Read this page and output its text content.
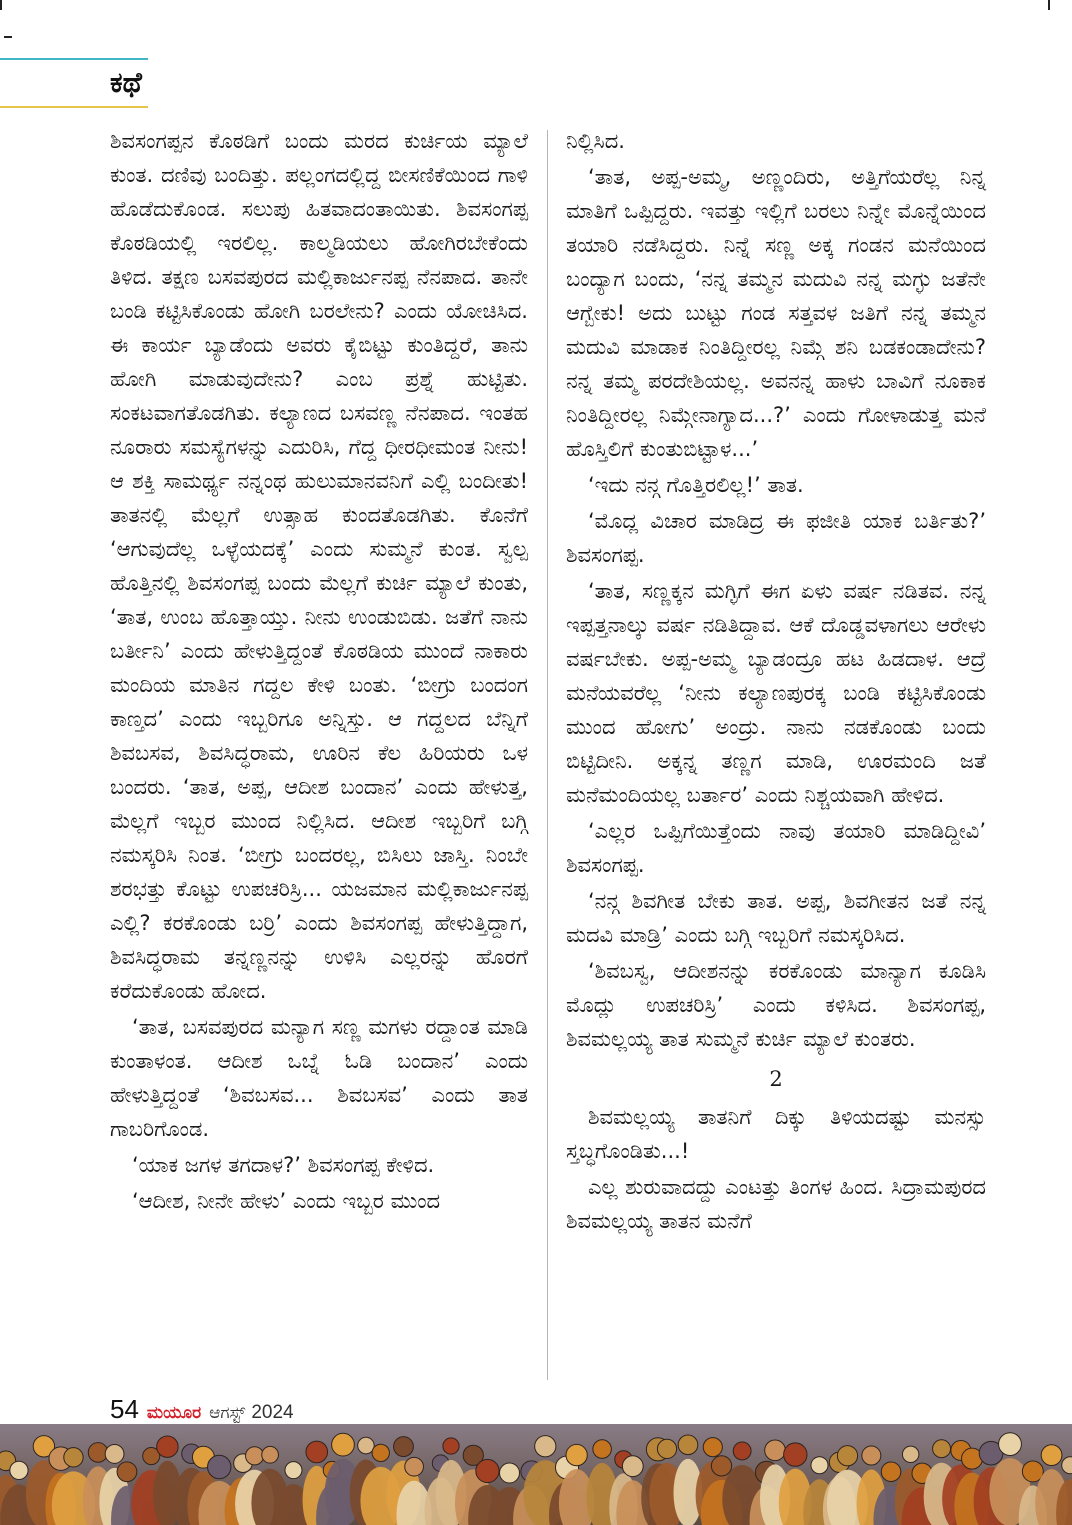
ಕಥೆ

ಶಿವಸಂಗಪ್ಪನ ಕೊಠಡಿಗೆ ಬಂದು ಮರದ ಕುರ್ಚಿಯ ಮ್ಯಾಲೆ ಕುಂತ. ದಣಿವು ಬಂದಿತ್ತು. ಪಲ್ಲಂಗದಲ್ಲಿದ್ದ ಬೀಸಣಿಕೆಯಿಂದ ಗಾಳಿ ಹೊಡೆದುಕೊಂಡ. ಸಲುಪು ಹಿತವಾದಂತಾಯಿತು. ಶಿವಸಂಗಪ್ಪ ಕೊಠಡಿಯಲ್ಲಿ ಇರಲಿಲ್ಲ. ಕಾಲ್ಮಡಿಯಲು ಹೋಗಿರಬೇಕೆಂದು ತಿಳಿದ. ತಕ್ಷಣ ಬಸವಪುರದ ಮಲ್ಲಿಕಾರ್ಜುನಪ್ಪ ನೆನಪಾದ. ತಾನೇ ಬಂಡಿ ಕಟ್ಟಿಸಿಕೊಂಡು ಹೋಗಿ ಬರಲೇನು? ಎಂದು ಯೋಚಿಸಿದ. ಈ ಕಾರ್ಯ ಬ್ಯಾಡೆಂದು ಅವರು ಕೈಬಿಟ್ಟು ಕುಂತಿದ್ದರೆ, ತಾನು ಹೋಗಿ ಮಾಡುವುದೇನು? ಎಂಬ ಪ್ರಶ್ನೆ ಹುಟ್ಟಿತು. ಸಂಕಟವಾಗತೊಡಗಿತು. ಕಲ್ಯಾಣದ ಬಸವಣ್ಣ ನೆನಪಾದ. ಇಂತಹ ನೂರಾರು ಸಮಸ್ಯೆಗಳನ್ನು ಎದುರಿಸಿ, ಗೆದ್ದ ಧೀರಧೀಮಂತ ನೀನು! ಆ ಶಕ್ತಿ ಸಾಮರ್ಥ್ಯ ನನ್ನಂಥ ಹುಲುಮಾನವನಿಗೆ ಎಲ್ಲಿ ಬಂದೀತು! ತಾತನಲ್ಲಿ ಮೆಲ್ಲಗೆ ಉತ್ಸಾಹ ಕುಂದತೊಡಗಿತು. ಕೊನೆಗೆ ‘ಆಗುವುದೆಲ್ಲ ಒಳ್ಳೆಯದಕ್ಕೆ’ ಎಂದು ಸುಮ್ಮನೆ ಕುಂತ. ಸ್ವಲ್ಪ ಹೊತ್ತಿನಲ್ಲಿ ಶಿವಸಂಗಪ್ಪ ಬಂದು ಮೆಲ್ಲಗೆ ಕುರ್ಚಿ ಮ್ಯಾಲೆ ಕುಂತು, ‘ತಾತ, ಉಂಬ ಹೊತ್ತಾಯ್ತು. ನೀನು ಉಂಡುಬಿಡು. ಜತೆಗೆ ನಾನು ಬರ್ತೀನಿ’ ಎಂದು ಹೇಳುತ್ತಿದ್ದಂತೆ ಕೊಠಡಿಯ ಮುಂದೆ ನಾಕಾರು ಮಂದಿಯ ಮಾತಿನ ಗದ್ದಲ ಕೇಳಿ ಬಂತು. ‘ಬೀಗ್ರು ಬಂದಂಗ ಕಾಣ್ತದ’ ಎಂದು ಇಬ್ಬರಿಗೂ ಅನ್ನಿಸ್ತು. ಆ ಗದ್ದಲದ ಬೆನ್ನಿಗೆ ಶಿವಬಸವ, ಶಿವಸಿದ್ಧರಾಮ, ಊರಿನ ಕೆಲ ಹಿರಿಯರು ಒಳ ಬಂದರು. ‘ತಾತ, ಅಪ್ಪ, ಆದೀಶ ಬಂದಾನ’ ಎಂದು ಹೇಳುತ್ತ, ಮೆಲ್ಲಗೆ ಇಬ್ಬರ ಮುಂದ ನಿಲ್ಲಿಸಿದ. ಆದೀಶ ಇಬ್ಬರಿಗೆ ಬಗ್ಗಿ ನಮಸ್ಕರಿಸಿ ನಿಂತ. ‘ಬೀಗ್ರು ಬಂದರಲ್ಲ, ಬಿಸಿಲು ಜಾಸ್ತಿ. ನಿಂಬೇ ಶರಭತ್ತು ಕೊಟ್ಟು ಉಪಚರಿಸ್ರಿ... ಯಜಮಾನ ಮಲ್ಲಿಕಾರ್ಜುನಪ್ಪ ಎಲ್ಲಿ? ಕರಕೊಂಡು ಬರ್ರಿ’ ಎಂದು ಶಿವಸಂಗಪ್ಪ ಹೇಳುತ್ತಿದ್ದಾಗ, ಶಿವಸಿದ್ಧರಾಮ ತನ್ನಣ್ಣನನ್ನು ಉಳಿಸಿ ಎಲ್ಲರನ್ನು ಹೊರಗೆ ಕರೆದುಕೊಂಡು ಹೋದ.

‘ತಾತ, ಬಸವಪುರದ ಮನ್ಯಾಗ ಸಣ್ಣ ಮಗಳು ರದ್ದಾಂತ ಮಾಡಿ ಕುಂತಾಳಂತ. ಆದೀಶ ಒಬ್ನೆ ಓಡಿ ಬಂದಾನ’ ಎಂದು ಹೇಳುತ್ತಿದ್ದಂತೆ ‘ಶಿವಬಸವ... ಶಿವಬಸವ’ ಎಂದು ತಾತ ಗಾಬರಿಗೊಂಡ.

‘ಯಾಕ ಜಗಳ ತಗದಾಳ?’ ಶಿವಸಂಗಪ್ಪ ಕೇಳಿದ.

‘ಆದೀಶ, ನೀನೇ ಹೇಳು’ ಎಂದು ಇಬ್ಬರ ಮುಂದ

ನಿಲ್ಲಿಸಿದ.

‘ತಾತ, ಅಪ್ಪ-ಅಮ್ಮ, ಅಣ್ಣಂದಿರು, ಅತ್ತಿಗೆಯರೆಲ್ಲ ನಿನ್ನ ಮಾತಿಗೆ ಒಪ್ಪಿದ್ದರು. ಇವತ್ತು ಇಲ್ಲಿಗೆ ಬರಲು ನಿನ್ನೇ ಮೊನ್ನೆಯಿಂದ ತಯಾರಿ ನಡೆಸಿದ್ದರು. ನಿನ್ನೆ ಸಣ್ಣ ಅಕ್ಕ ಗಂಡನ ಮನೆಯಿಂದ ಬಂದ್ಯಾಗ ಬಂದು, ‘ನನ್ನ ತಮ್ಮನ ಮದುವಿ ನನ್ನ ಮಗ್ಳು ಜತೆನೇ ಆಗ್ಬೇಕು! ಅದು ಬುಟ್ಟು ಗಂಡ ಸತ್ತವಳ ಜತಿಗೆ ನನ್ನ ತಮ್ಮನ ಮದುವಿ ಮಾಡಾಕ ನಿಂತಿದ್ದೀರಲ್ಲ ನಿಮ್ಗೆ ಶನಿ ಬಡಕಂಡಾದೇನು? ನನ್ನ ತಮ್ಮ ಪರದೇಶಿಯಲ್ಲ. ಅವನನ್ನ ಹಾಳು ಬಾವಿಗೆ ನೂಕಾಕ ನಿಂತಿದ್ದೀರಲ್ಲ ನಿಮ್ಗೇನಾಗ್ಯಾದ...?’ ಎಂದು ಗೋಳಾಡುತ್ತ ಮನೆ ಹೊಸ್ತಿಲಿಗೆ ಕುಂತುಬಿಟ್ಟಾಳ...’

‘ಇದು ನನ್ಗ ಗೊತ್ತಿರಲಿಲ್ಲ!’ ತಾತ.

‘ಮೊದ್ಲ ವಿಚಾರ ಮಾಡಿದ್ರ ಈ ಫಜೀತಿ ಯಾಕ ಬರ್ತಿತು?’ ಶಿವಸಂಗಪ್ಪ.

‘ತಾತ, ಸಣ್ಣಕ್ಕನ ಮಗ್ಳಿಗೆ ಈಗ ಏಳು ವರ್ಷ ನಡಿತವ. ನನ್ನ ಇಪ್ಪತ್ತನಾಲ್ಕು ವರ್ಷ ನಡಿತಿದ್ದಾವ. ಆಕೆ ದೊಡ್ಡವಳಾಗಲು ಆರೇಳು ವರ್ಷಬೇಕು. ಅಪ್ಪ-ಅಮ್ಮ ಬ್ಯಾಡಂದ್ರೂ ಹಟ ಹಿಡದಾಳ. ಆದ್ರೆ ಮನೆಯವರೆಲ್ಲ ‘ನೀನು ಕಲ್ಯಾಣಪುರಕ್ಕ ಬಂಡಿ ಕಟ್ಟಿಸಿಕೊಂಡು ಮುಂದ ಹೋಗು’ ಅಂದ್ರು. ನಾನು ನಡಕೊಂಡು ಬಂದು ಬಿಟ್ಟಿದೀನಿ. ಅಕ್ಕನ್ನ ತಣ್ಣಗ ಮಾಡಿ, ಊರಮಂದಿ ಜತೆ ಮನೆಮಂದಿಯಲ್ಲ ಬರ್ತಾರ’ ಎಂದು ನಿಶ್ಚಯವಾಗಿ ಹೇಳಿದ.

‘ಎಲ್ಲರ ಒಪ್ಪಿಗೆಯಿತ್ತೆಂದು ನಾವು ತಯಾರಿ ಮಾಡಿದ್ದೀವಿ’ ಶಿವಸಂಗಪ್ಪ.

‘ನನ್ಗ ಶಿವಗೀತ ಬೇಕು ತಾತ. ಅಪ್ಪ, ಶಿವಗೀತನ ಜತೆ ನನ್ನ ಮದವಿ ಮಾಡ್ರಿ’ ಎಂದು ಬಗ್ಗಿ ಇಬ್ಬರಿಗೆ ನಮಸ್ಕರಿಸಿದ.

‘ಶಿವಬಸ್ವ, ಆದೀಶನನ್ನು ಕರಕೊಂಡು ಮಾನ್ಯಾಗ ಕೂಡಿಸಿ ಮೊದ್ಲು ಉಪಚರಿಸ್ರಿ’ ಎಂದು ಕಳಿಸಿದ. ಶಿವಸಂಗಪ್ಪ, ಶಿವಮಲ್ಲಯ್ಯ ತಾತ ಸುಮ್ಮನೆ ಕುರ್ಚಿ ಮ್ಯಾಲೆ ಕುಂತರು.

2

ಶಿವಮಲ್ಲಯ್ಯ ತಾತನಿಗೆ ದಿಕ್ಕು ತಿಳಿಯದಷ್ಟು ಮನಸ್ಸು ಸ್ತಬ್ಧಗೊಂಡಿತು...!

ಎಲ್ಲ ಶುರುವಾದದ್ದು ಎಂಟತ್ತು ತಿಂಗಳ ಹಿಂದ. ಸಿದ್ರಾಮಪುರದ ಶಿವಮಲ್ಲಯ್ಯ ತಾತನ ಮನೆಗೆ

54 ಮಯೂರ ಆಗಸ್ಟ್ 2024
